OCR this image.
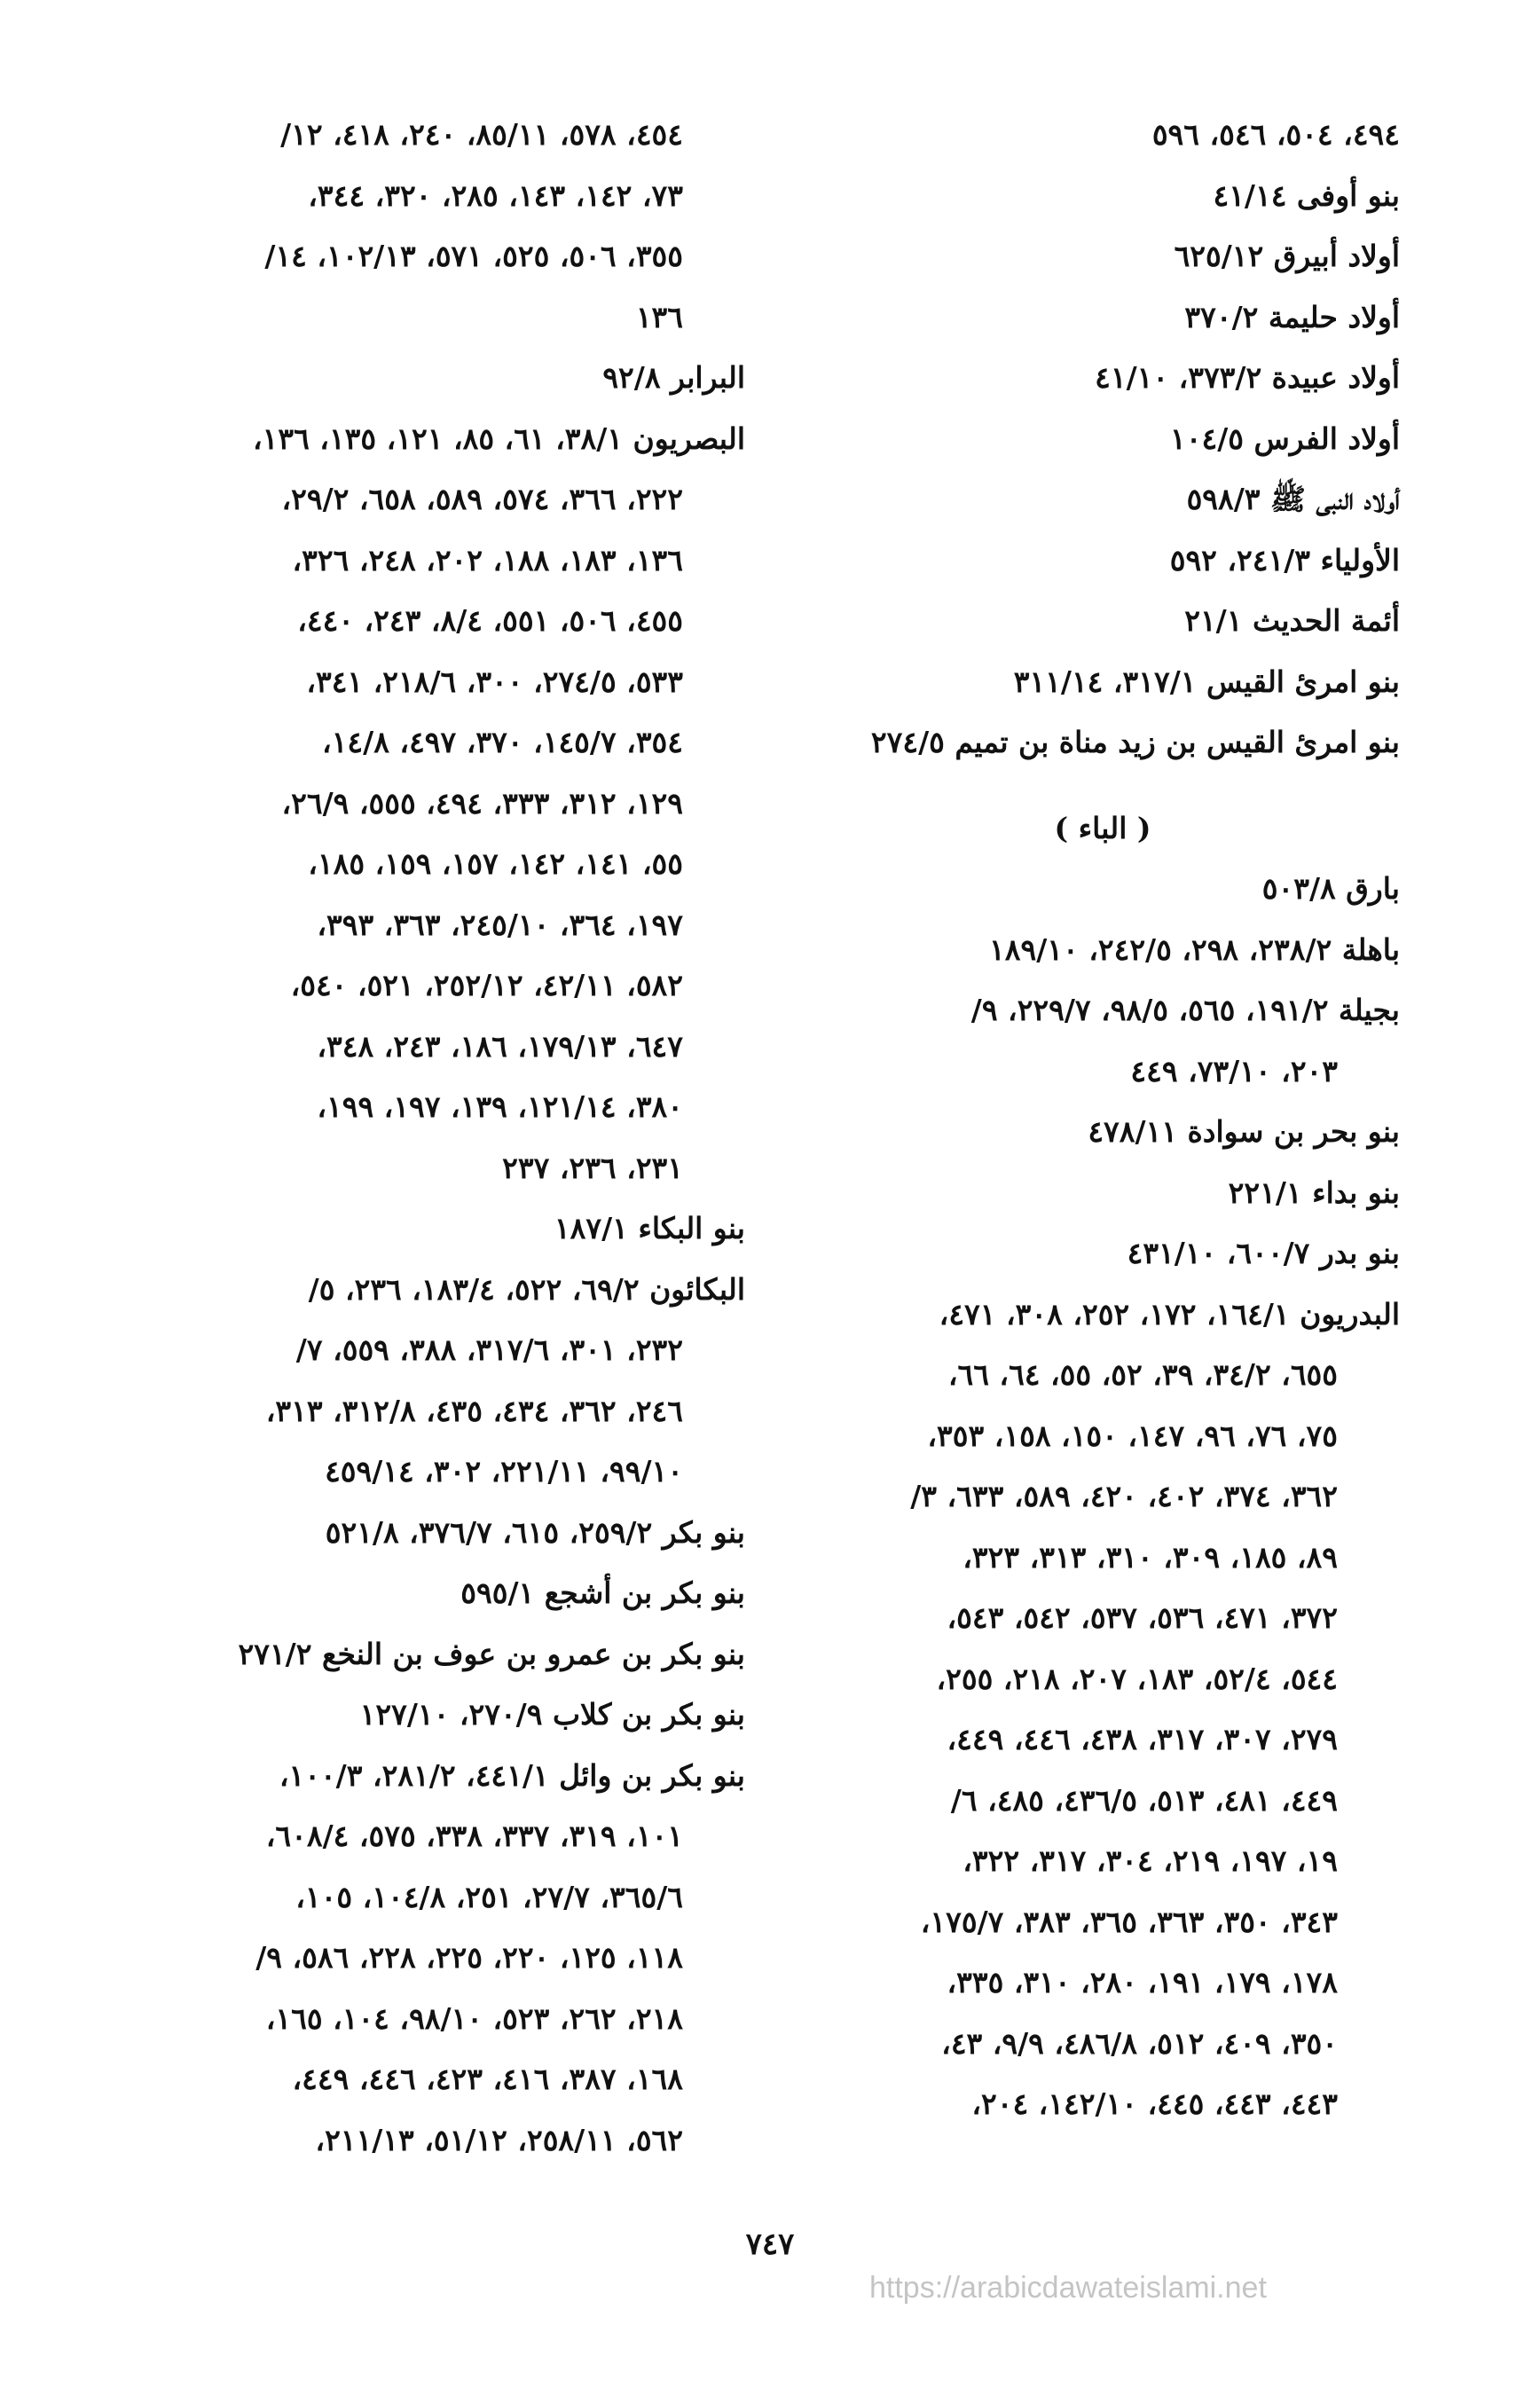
٤٩٤، ٥٠٤، ٥٤٦، ٥٩٦
بنو أوفى ٤١/١٤
أولاد أبيرق ٦٢٥/١٢
أولاد حليمة ٣٧٠/٢
أولاد عبيدة ٣٧٣/٢، ٤١/١٠
أولاد الفرس ١٠٤/٥
أولاد النبى ﷺ ٥٩٨/٣
الأولياء ٢٤١/٣، ٥٩٢
أئمة الحديث ٢١/١
بنو امرئ القيس ٣١٧/١، ٣١١/١٤
بنو امرئ القيس بن زيد مناة بن تميم ٢٧٤/٥
( الباء )
بارق ٥٠٣/٨
باهلة ٢٣٨/٢، ٢٩٨، ٢٤٢/٥، ١٨٩/١٠
بجيلة ١٩١/٢، ٥٦٥، ٩٨/٥، ٢٢٩/٧، ٩/
٢٠٣، ٧٣/١٠، ٤٤٩
بنو بحر بن سوادة ٤٧٨/١١
بنو بداء ٢٢١/١
بنو بدر ٦٠٠/٧، ٤٣١/١٠
البدريون ١٦٤/١، ١٧٢، ٢٥٢، ٣٠٨، ٤٧١،
٦٥٥، ٣٤/٢، ٣٩، ٥٢، ٥٥، ٦٤، ٦٦،
٧٥، ٧٦، ٩٦، ١٤٧، ١٥٠، ١٥٨، ٣٥٣،
٣٦٢، ٣٧٤، ٤٠٢، ٤٢٠، ٥٨٩، ٦٣٣، ٣/
٨٩، ١٨٥، ٣٠٩، ٣١٠، ٣١٣، ٣٢٣،
٣٧٢، ٤٧١، ٥٣٦، ٥٣٧، ٥٤٢، ٥٤٣،
٥٤٤، ٥٢/٤، ١٨٣، ٢٠٧، ٢١٨، ٢٥٥،
٢٧٩، ٣٠٧، ٣١٧، ٤٣٨، ٤٤٦، ٤٤٩،
٤٤٩، ٤٨١، ٥١٣، ٤٣٦/٥، ٤٨٥، ٦/
١٩، ١٩٧، ٢١٩، ٣٠٤، ٣١٧، ٣٢٢،
٣٤٣، ٣٥٠، ٣٦٣، ٣٦٥، ٣٨٣، ١٧٥/٧،
١٧٨، ١٧٩، ١٩١، ٢٨٠، ٣١٠، ٣٣٥،
٣٥٠، ٤٠٩، ٥١٢، ٤٨٦/٨، ٩/٩، ٤٣،
٤٤٣، ٤٤٣، ٤٤٥، ١٤٢/١٠، ٢٠٤،
٤٥٤، ٥٧٨، ٨٥/١١، ٢٤٠، ٤١٨، ١٢/
٧٣، ١٤٢، ١٤٣، ٢٨٥، ٣٢٠، ٣٤٤،
٣٥٥، ٥٠٦، ٥٢٥، ٥٧١، ١٠٢/١٣، ١٤/
١٣٦
البرابر ٩٢/٨
البصريون ٣٨/١، ٦١، ٨٥، ١٢١، ١٣٥، ١٣٦،
٢٢٢، ٣٦٦، ٥٧٤، ٥٨٩، ٦٥٨، ٢٩/٢،
١٣٦، ١٨٣، ١٨٨، ٢٠٢، ٢٤٨، ٣٢٦،
٤٥٥، ٥٠٦، ٥٥١، ٨/٤، ٢٤٣، ٤٤٠،
٥٣٣، ٢٧٤/٥، ٣٠٠، ٢١٨/٦، ٣٤١،
٣٥٤، ١٤٥/٧، ٣٧٠، ٤٩٧، ١٤/٨،
١٢٩، ٣١٢، ٣٣٣، ٤٩٤، ٥٥٥، ٢٦/٩،
٥٥، ١٤١، ١٤٢، ١٥٧، ١٥٩، ١٨٥،
١٩٧، ٣٦٤، ٢٤٥/١٠، ٣٦٣، ٣٩٣،
٥٨٢، ٤٢/١١، ٢٥٢/١٢، ٥٢١، ٥٤٠،
٦٤٧، ١٧٩/١٣، ١٨٦، ٢٤٣، ٣٤٨،
٣٨٠، ١٢١/١٤، ١٣٩، ١٩٧، ١٩٩،
٢٣١، ٢٣٦، ٢٣٧
بنو البكاء ١٨٧/١
البكائون ٦٩/٢، ٥٢٢، ١٨٣/٤، ٢٣٦، ٥/
٢٣٢، ٣٠١، ٣١٧/٦، ٣٨٨، ٥٥٩، ٧/
٢٤٦، ٣٦٢، ٤٣٤، ٤٣٥، ٣١٢/٨، ٣١٣،
٩٩/١٠، ٢٢١/١١، ٣٠٢، ٤٥٩/١٤
بنو بكر ٢٥٩/٢، ٦١٥، ٣٧٦/٧، ٥٢١/٨
بنو بكر بن أشجع ٥٩٥/١
بنو بكر بن عمرو بن عوف بن النخع ٢٧١/٢
بنو بكر بن كلاب ٢٧٠/٩، ١٢٧/١٠
بنو بكر بن وائل ٤٤١/١، ٢٨١/٢، ١٠٠/٣،
١٠١، ٣١٩، ٣٣٧، ٣٣٨، ٥٧٥، ٦٠٨/٤،
٣٦٥/٦، ٢٧/٧، ٢٥١، ١٠٤/٨، ١٠٥،
١١٨، ١٢٥، ٢٢٠، ٢٢٥، ٢٢٨، ٥٨٦، ٩/
٢١٨، ٢٦٢، ٥٢٣، ٩٨/١٠، ١٠٤، ١٦٥،
١٦٨، ٣٨٧، ٤١٦، ٤٢٣، ٤٤٦، ٤٤٩،
٥٦٢، ٢٥٨/١١، ٥١/١٢، ٢١١/١٣،
٧٤٧
https://arabicdawateislami.net
